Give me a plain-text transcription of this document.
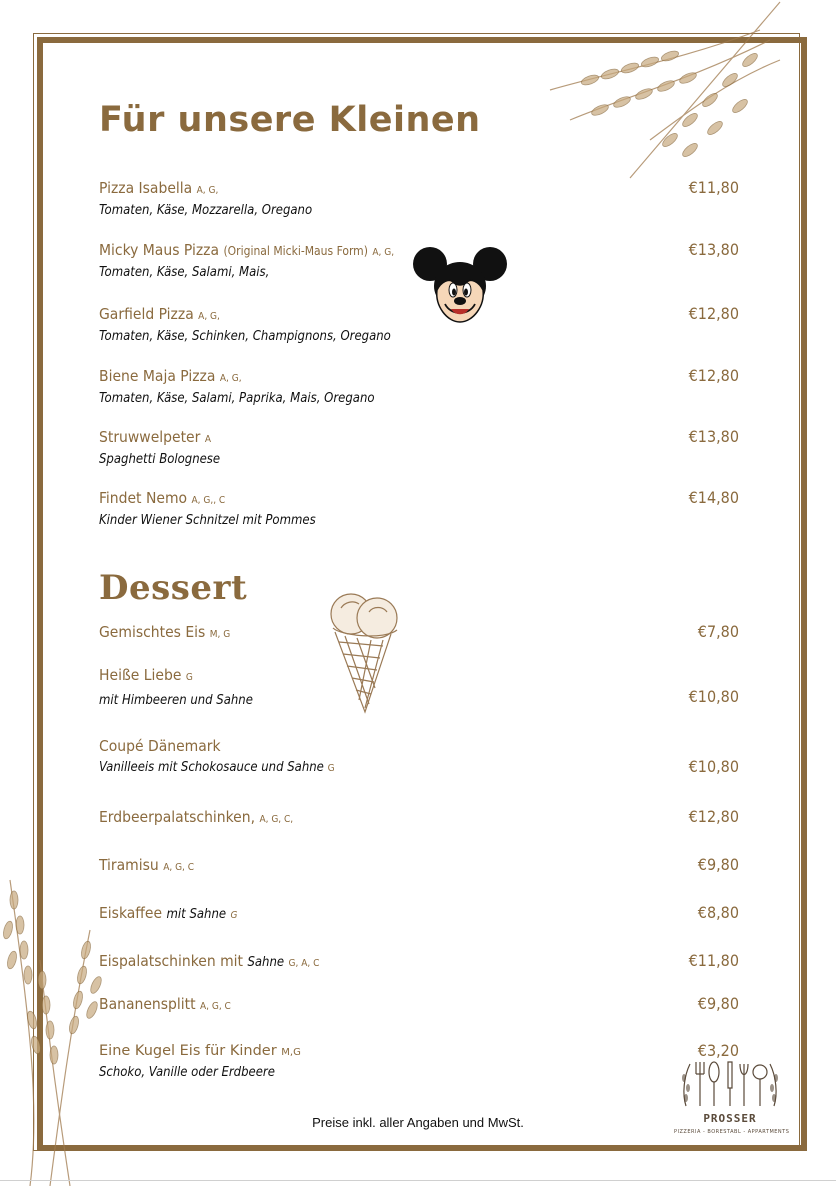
Für unsere Kleinen
Pizza Isabella A, G,
Tomaten, Käse, Mozzarella, Oregano
€11,80
Micky Maus Pizza (Original Micki-Maus Form) A, G,
Tomaten, Käse, Salami, Mais,
€13,80
Garfield Pizza A, G,
Tomaten, Käse, Schinken, Champignons, Oregano
€12,80
Biene Maja Pizza A, G,
Tomaten, Käse, Salami, Paprika, Mais, Oregano
€12,80
Struwwelpeter A
Spaghetti Bolognese
€13,80
Findet Nemo A, G,, C
Kinder Wiener Schnitzel mit Pommes
€14,80
Dessert
Gemischtes Eis M, G	€7,80
Heiße Liebe G
mit Himbeeren und Sahne	€10,80
Coupé Dänemark
Vanilleeis mit Schokosauce und Sahne G	€10,80
Erdbeerpalatschinken, A, G, C,	€12,80
Tiramisu A, G, C	€9,80
Eiskaffee mit Sahne G	€8,80
Eispalatschinken mit Sahne G, A, C	€11,80
Bananensplitt A, G, C	€9,80
Eine Kugel Eis für Kinder M,G
Schoko, Vanille oder Erdbeere
€3,20
PROSSER
PIZZERIA - BORESTABL - APPARTMENTS
Preise inkl. aller Angaben und MwSt.
